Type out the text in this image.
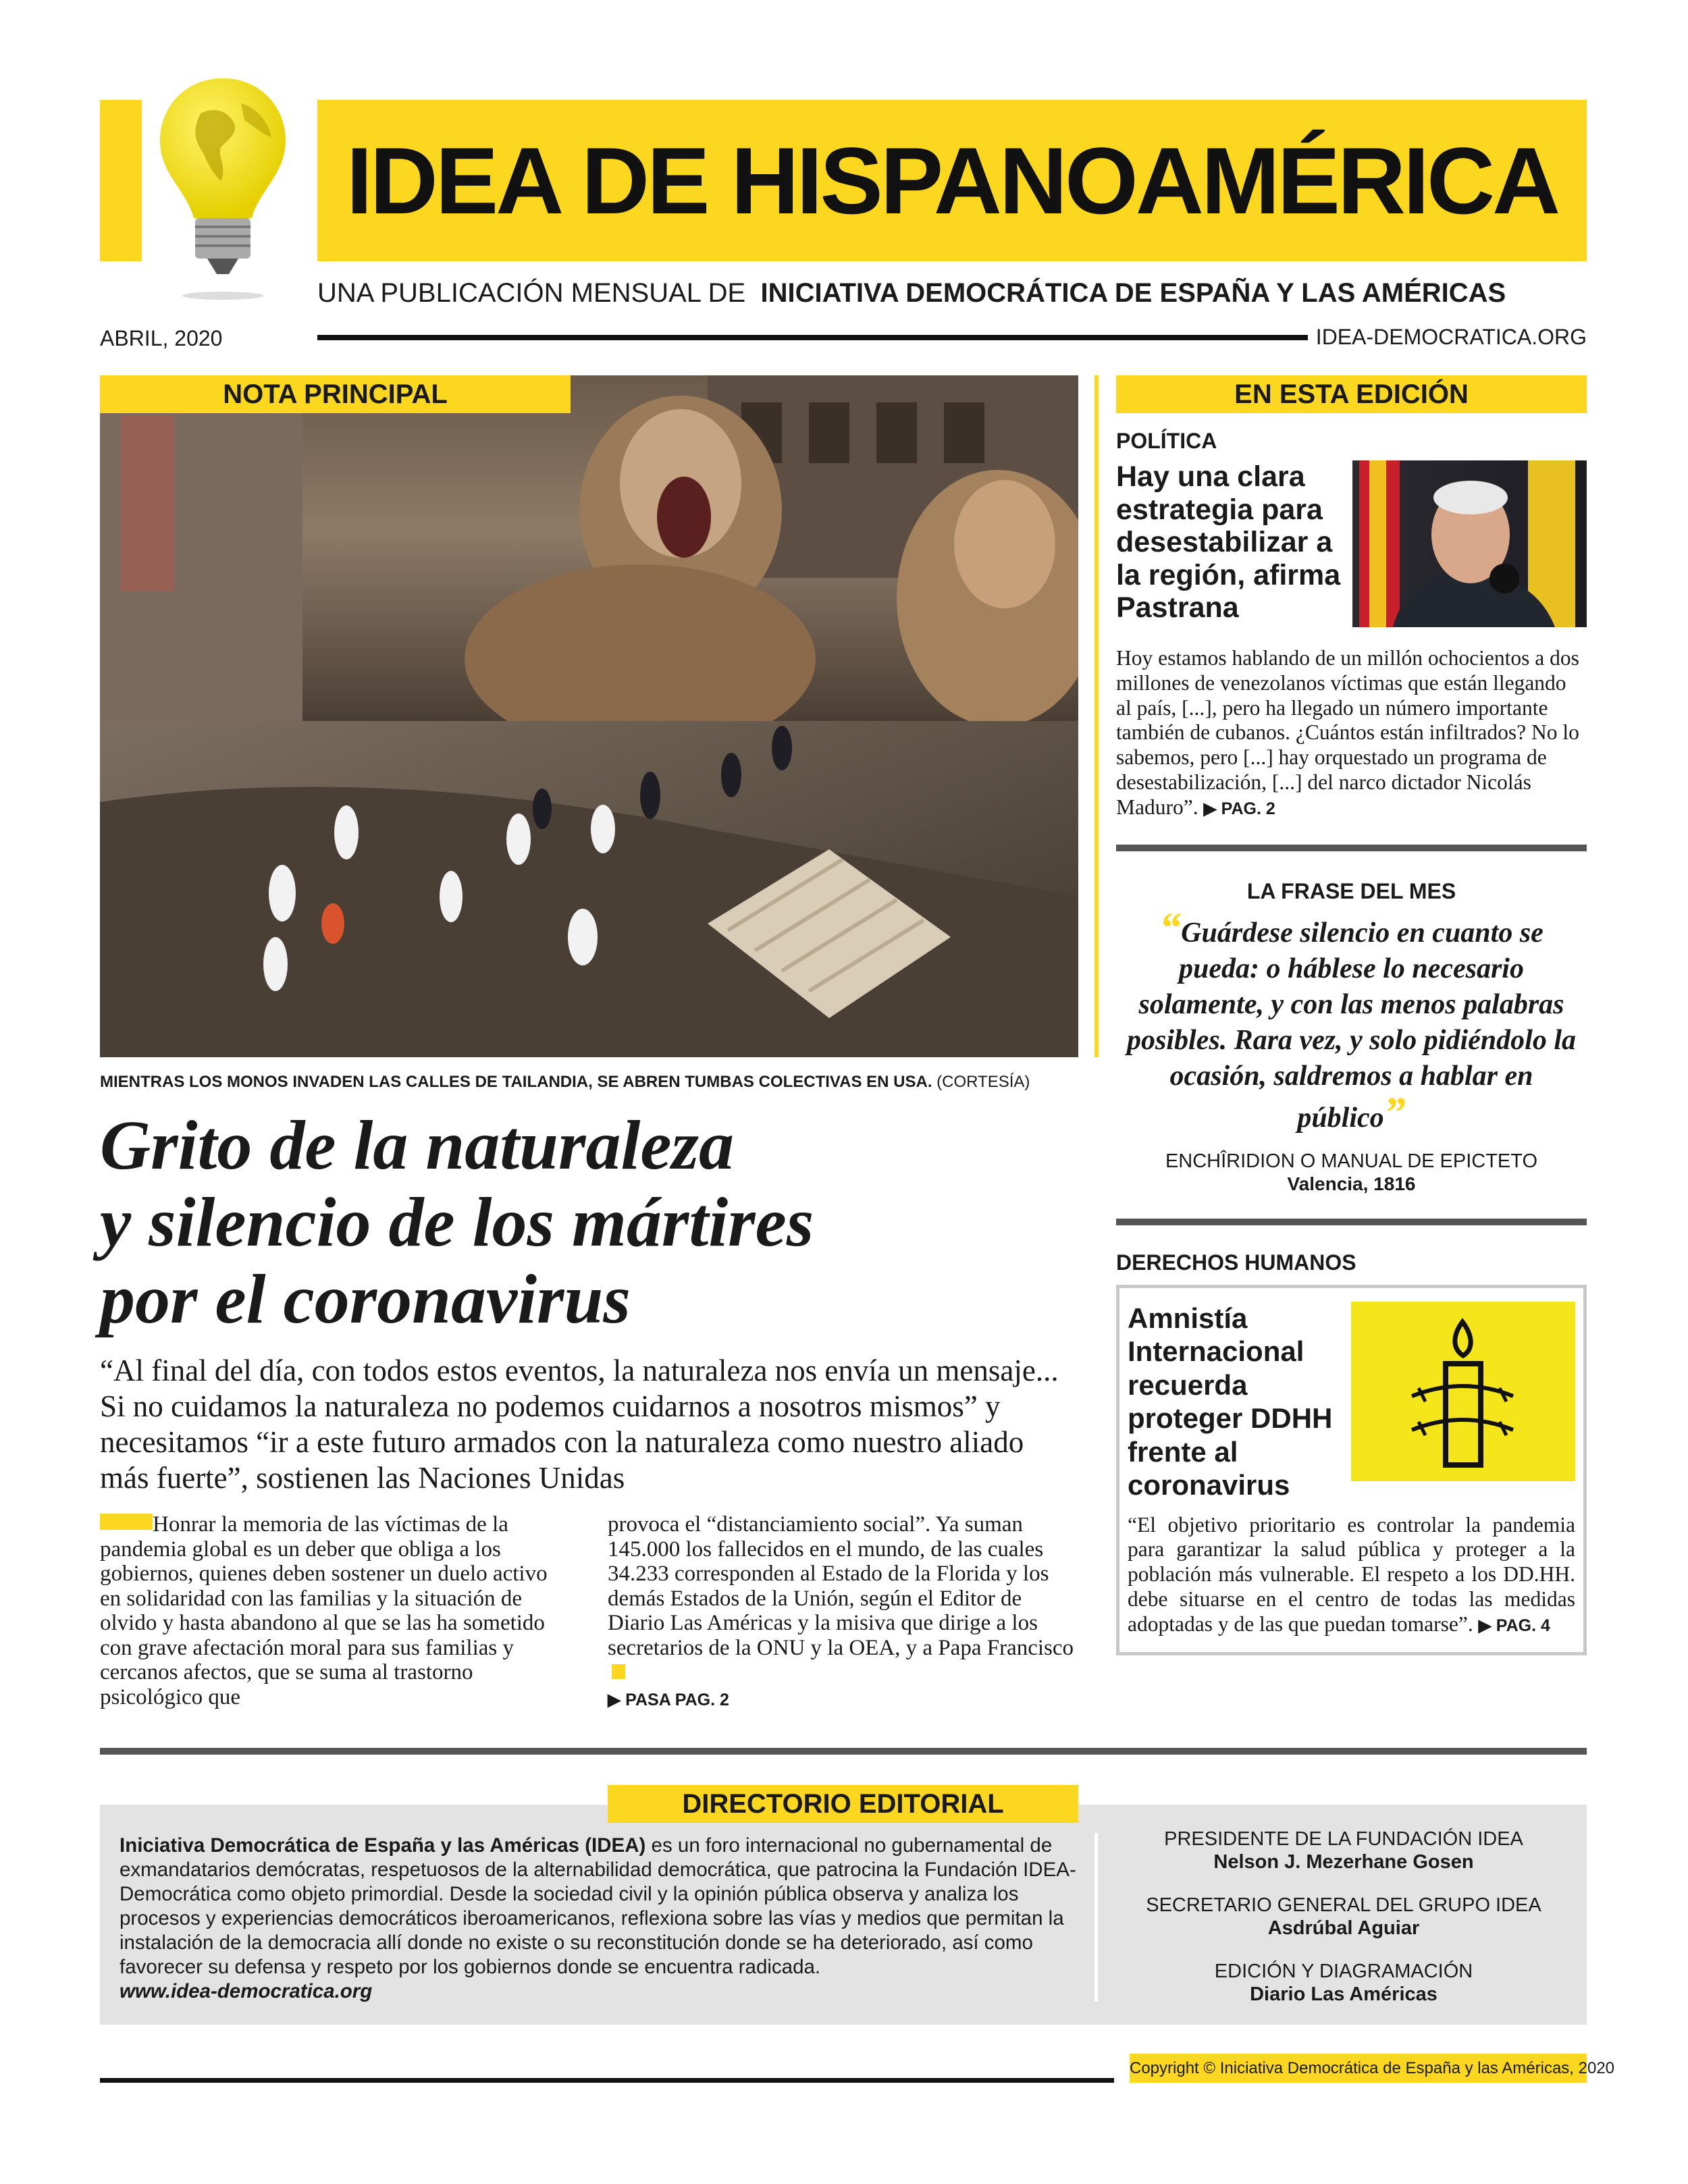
IDEA DE HISPANOAMÉRICA
UNA PUBLICACIÓN MENSUAL DE INICIATIVA DEMOCRÁTICA DE ESPAÑA Y LAS AMÉRICAS
ABRIL, 2020	IDEA-DEMOCRATICA.ORG
NOTA PRINCIPAL
MIENTRAS LOS MONOS INVADEN LAS CALLES DE TAILANDIA, SE ABREN TUMBAS COLECTIVAS EN USA. (CORTESÍA)
Grito de la naturaleza
y silencio de los mártires
por el coronavirus
“Al final del día, con todos estos eventos, la naturaleza nos envía un mensaje... Si no cuidamos la naturaleza no podemos cuidarnos a nosotros mismos” y necesitamos “ir a este futuro armados con la naturaleza como nuestro aliado más fuerte”, sostienen las Naciones Unidas
Honrar la memoria de las víctimas de la pandemia global es un deber que obliga a los gobiernos, quienes deben sostener un duelo activo en solidaridad con las familias y la situación de olvido y hasta abandono al que se las ha sometido con grave afectación moral para sus familias y cercanos afectos, que se suma al trastorno psicológico que
provoca el “distanciamiento social”. Ya suman 145.000 los fallecidos en el mundo, de las cuales 34.233 corresponden al Estado de la Florida y los demás Estados de la Unión, según el Editor de Diario Las Américas y la misiva que dirige a los secretarios de la ONU y la OEA, y a Papa Francisco
▶ PASA PAG. 2
EN ESTA EDICIÓN
POLÍTICA
Hay una clara estrategia para desestabilizar a la región, afirma Pastrana
Hoy estamos hablando de un millón ochocientos a dos millones de venezolanos víctimas que están llegando al país, [...], pero ha llegado un número importante también de cubanos. ¿Cuántos están infiltrados? No lo sabemos, pero [...] hay orquestado un programa de desestabilización, [...] del narco dictador Nicolás Maduro”. ▶ PAG. 2
LA FRASE DEL MES
“Guárdese silencio en cuanto se pueda: o háblese lo necesario solamente, y con las menos palabras posibles. Rara vez, y solo pidiéndolo la ocasión, saldremos a hablar en público”
ENCHÎRIDION O MANUAL DE EPICTETO
Valencia, 1816
DERECHOS HUMANOS
Amnistía Internacional recuerda proteger DDHH frente al coronavirus
“El objetivo prioritario es controlar la pandemia para garantizar la salud pública y proteger a la población más vulnerable. El respeto a los DD.HH. debe situarse en el centro de todas las medidas adoptadas y de las que puedan tomarse”. ▶ PAG. 4
DIRECTORIO EDITORIAL
Iniciativa Democrática de España y las Américas (IDEA) es un foro internacional no gubernamental de exmandatarios demócratas, respetuosos de la alternabilidad democrática, que patrocina la Fundación IDEA-Democrática como objeto primordial. Desde la sociedad civil y la opinión pública observa y analiza los procesos y experiencias democráticos iberoamericanos, reflexiona sobre las vías y medios que permitan la instalación de la democracia allí donde no existe o su reconstitución donde se ha deteriorado, así como favorecer su defensa y respeto por los gobiernos donde se encuentra radicada.
www.idea-democratica.org
PRESIDENTE DE LA FUNDACIÓN IDEA
Nelson J. Mezerhane Gosen
SECRETARIO GENERAL DEL GRUPO IDEA
Asdrúbal Aguiar
EDICIÓN Y DIAGRAMACIÓN
Diario Las Américas
Copyright © Iniciativa Democrática de España y las Américas, 2020
